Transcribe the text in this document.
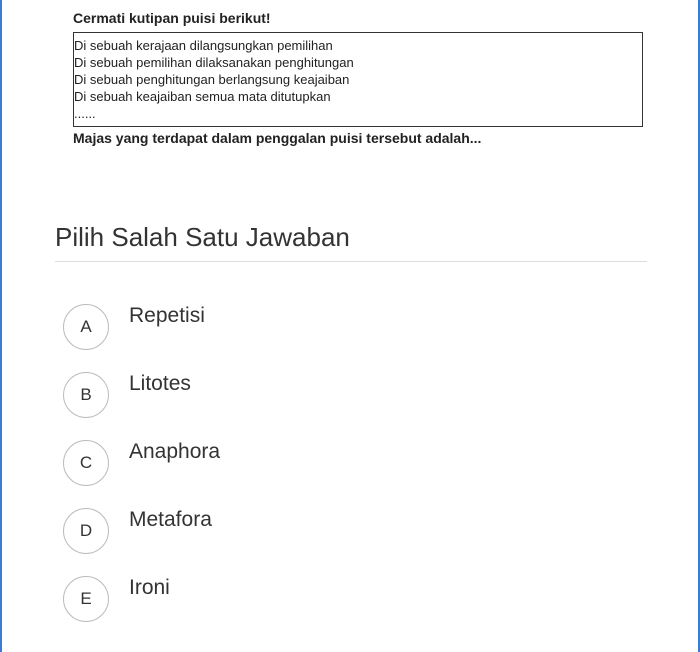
Cermati kutipan puisi berikut!
Di sebuah kerajaan dilangsungkan pemilihan
Di sebuah pemilihan dilaksanakan penghitungan
Di sebuah penghitungan berlangsung keajaiban
Di sebuah keajaiban semua mata ditutupkan
......
Majas yang terdapat dalam penggalan puisi tersebut adalah...
Pilih Salah Satu Jawaban
A	Repetisi
B	Litotes
C	Anaphora
D	Metafora
E	Ironi
